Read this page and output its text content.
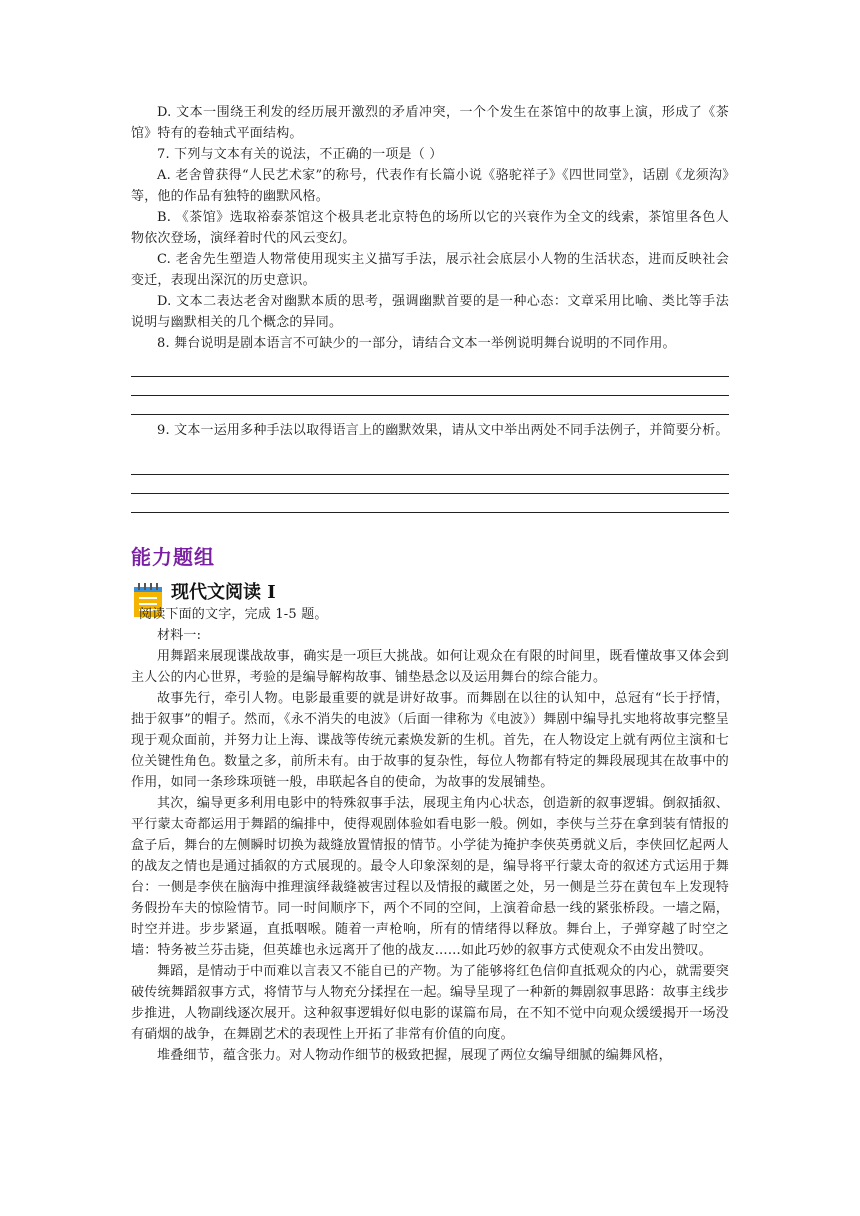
D. 文本一围绕王利发的经历展开激烈的矛盾冲突，一个个发生在茶馆中的故事上演，形成了《茶馆》特有的卷轴式平面结构。

7. 下列与文本有关的说法，不正确的一项是（ ）

A. 老舍曾获得“人民艺术家”的称号，代表作有长篇小说《骆驼祥子》《四世同堂》，话剧《龙须沟》等，他的作品有独特的幽默风格。

B. 《茶馆》选取裕泰茶馆这个极具老北京特色的场所以它的兴衰作为全文的线索，茶馆里各色人物依次登场，演绎着时代的风云变幻。

C. 老舍先生塑造人物常使用现实主义描写手法，展示社会底层小人物的生活状态，进而反映社会变迁，表现出深沉的历史意识。

D. 文本二表达老舍对幽默本质的思考，强调幽默首要的是一种心态：文章采用比喻、类比等手法说明与幽默相关的几个概念的异同。

8. 舞台说明是剧本语言不可缺少的一部分，请结合文本一举例说明舞台说明的不同作用。

9. 文本一运用多种手法以取得语言上的幽默效果，请从文中举出两处不同手法例子，并简要分析。

能力题组
现代文阅读 I

阅读下面的文字，完成 1-5 题。

材料一:

用舞蹈来展现谍战故事，确实是一项巨大挑战。如何让观众在有限的时间里，既看懂故事又体会到主人公的内心世界，考验的是编导解构故事、铺垫悬念以及运用舞台的综合能力。

故事先行，牵引人物。电影最重要的就是讲好故事。而舞剧在以往的认知中，总冠有“长于抒情，拙于叙事”的帽子。然而，《永不消失的电波》（后面一律称为《电波》）舞剧中编导扎实地将故事完整呈现于观众面前，并努力让上海、谍战等传统元素焕发新的生机。首先，在人物设定上就有两位主演和七位关键性角色。数量之多，前所未有。由于故事的复杂性，每位人物都有特定的舞段展现其在故事中的作用，如同一条珍珠项链一般，串联起各自的使命，为故事的发展铺垫。

其次，编导更多利用电影中的特殊叙事手法，展现主角内心状态，创造新的叙事逻辑。倒叙插叙、平行蒙太奇都运用于舞蹈的编排中，使得观剧体验如看电影一般。例如，李侠与兰芬在拿到装有情报的盒子后，舞台的左侧瞬时切换为裁缝放置情报的情节。小学徒为掩护李侠英勇就义后，李侠回忆起两人的战友之情也是通过插叙的方式展现的。最令人印象深刻的是，编导将平行蒙太奇的叙述方式运用于舞台：一侧是李侠在脑海中推理演绎裁缝被害过程以及情报的藏匿之处，另一侧是兰芬在黄包车上发现特务假扮车夫的惊险情节。同一时间顺序下，两个不同的空间，上演着命悬一线的紧张桥段。一墙之隔，时空并进。步步紧逼，直抵咽喉。随着一声枪响，所有的情绪得以释放。舞台上，子弹穿越了时空之墙：特务被兰芬击毙，但英雄也永远离开了他的战友……如此巧妙的叙事方式使观众不由发出赞叹。

舞蹈，是情动于中而难以言表又不能自已的产物。为了能够将红色信仰直抵观众的内心，就需要突破传统舞蹈叙事方式，将情节与人物充分揉捏在一起。编导呈现了一种新的舞剧叙事思路：故事主线步步推进，人物副线逐次展开。这种叙事逻辑好似电影的谋篇布局，在不知不觉中向观众缓缓揭开一场没有硝烟的战争，在舞剧艺术的表现性上开拓了非常有价值的向度。

堆叠细节，蕴含张力。对人物动作细节的极致把握，展现了两位女编导细腻的编舞风格，
